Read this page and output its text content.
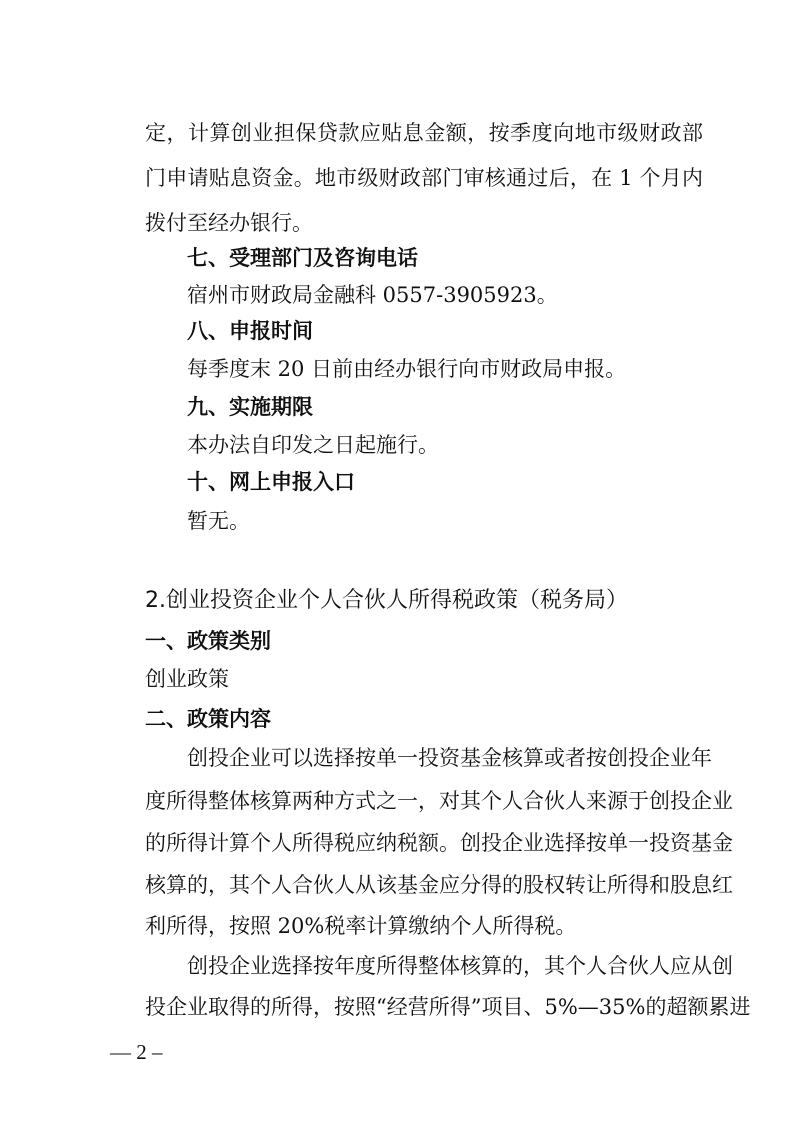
定，计算创业担保贷款应贴息金额，按季度向地市级财政部

门申请贴息资金。地市级财政部门审核通过后，在 1 个月内

拨付至经办银行。

七、受理部门及咨询电话

宿州市财政局金融科 0557-3905923。

八、申报时间

每季度末 20 日前由经办银行向市财政局申报。

九、实施期限

本办法自印发之日起施行。

十、网上申报入口

暂无。

2.创业投资企业个人合伙人所得税政策（税务局）

一、政策类别

创业政策

二、政策内容

创投企业可以选择按单一投资基金核算或者按创投企业年

度所得整体核算两种方式之一，对其个人合伙人来源于创投企业

的所得计算个人所得税应纳税额。创投企业选择按单一投资基金

核算的，其个人合伙人从该基金应分得的股权转让所得和股息红

利所得，按照 20%税率计算缴纳个人所得税。

创投企业选择按年度所得整体核算的，其个人合伙人应从创

投企业取得的所得，按照“经营所得”项目、5%—35%的超额累进

— 2 –
